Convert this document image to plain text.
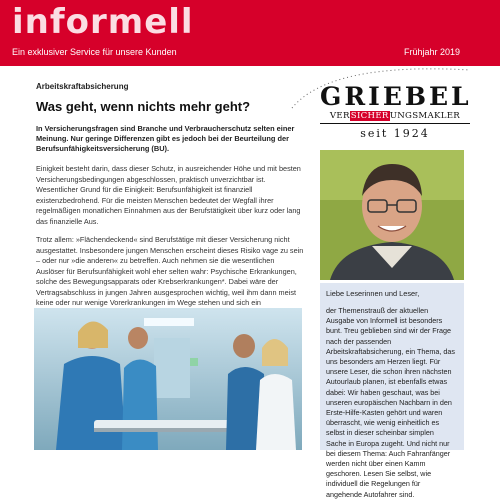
informell
Ein exklusiver Service für unsere Kunden	Frühjahr 2019
Arbeitskraftabsicherung
Was geht, wenn nichts mehr geht?
In Versicherungsfragen sind Branche und Verbraucherschutz selten einer Meinung. Nur geringe Differenzen gibt es jedoch bei der Beurteilung der Berufsunfähigkeitsversicherung (BU).
Einigkeit besteht darin, dass dieser Schutz, in ausreichender Höhe und mit besten Versicherungsbedingungen abgeschlossen, praktisch unverzichtbar ist. Wesentlicher Grund für die Einigkeit: Berufsunfähigkeit ist finanziell existenzbedrohend. Für die meisten Menschen bedeutet der Wegfall ihrer regelmäßigen monatlichen Einnahmen aus der Berufstätigkeit über kurz oder lang das finanzielle Aus.
Trotz allem: »Flächendeckend« sind Berufstätige mit dieser Versicherung nicht ausgestattet. Insbesondere jungen Menschen erscheint dieses Risiko vage zu sein – oder nur »die anderen« zu betreffen. Auch nehmen sie die wesentlichen Auslöser für Berufsunfähigkeit wohl eher selten wahr: Psychische Erkrankungen, solche des Bewegungsapparats oder Krebserkrankungen*. Dabei wäre der Vertragsabschluss in jungen Jahren ausgesprochen wichtig, weil ihm dann meist keine oder nur wenige Vorerkrankungen im Wege stehen und sich ein
GRIEBEL
VERSICHERUNGSMAKLER
seit 1924
Liebe Leserinnen und Leser,
der Themenstrauß der aktuellen Ausgabe von Informell ist besonders bunt. Treu geblieben sind wir der Frage nach der passenden Arbeitskraftabsicherung, ein Thema, das uns besonders am Herzen liegt. Für unsere Leser, die schon ihren nächsten Autourlaub planen, ist ebenfalls etwas dabei: Wir haben geschaut, was bei unseren europäischen Nachbarn in den Erste-Hilfe-Kasten gehört und waren überrascht, wie wenig einheitlich es selbst in dieser scheinbar simplen Sache in Europa zugeht. Und nicht nur bei diesem Thema: Auch Fahranfänger werden nicht über einen Kamm geschoren. Lesen Sie selbst, wie individuell die Regelungen für angehende Autofahrer sind.
